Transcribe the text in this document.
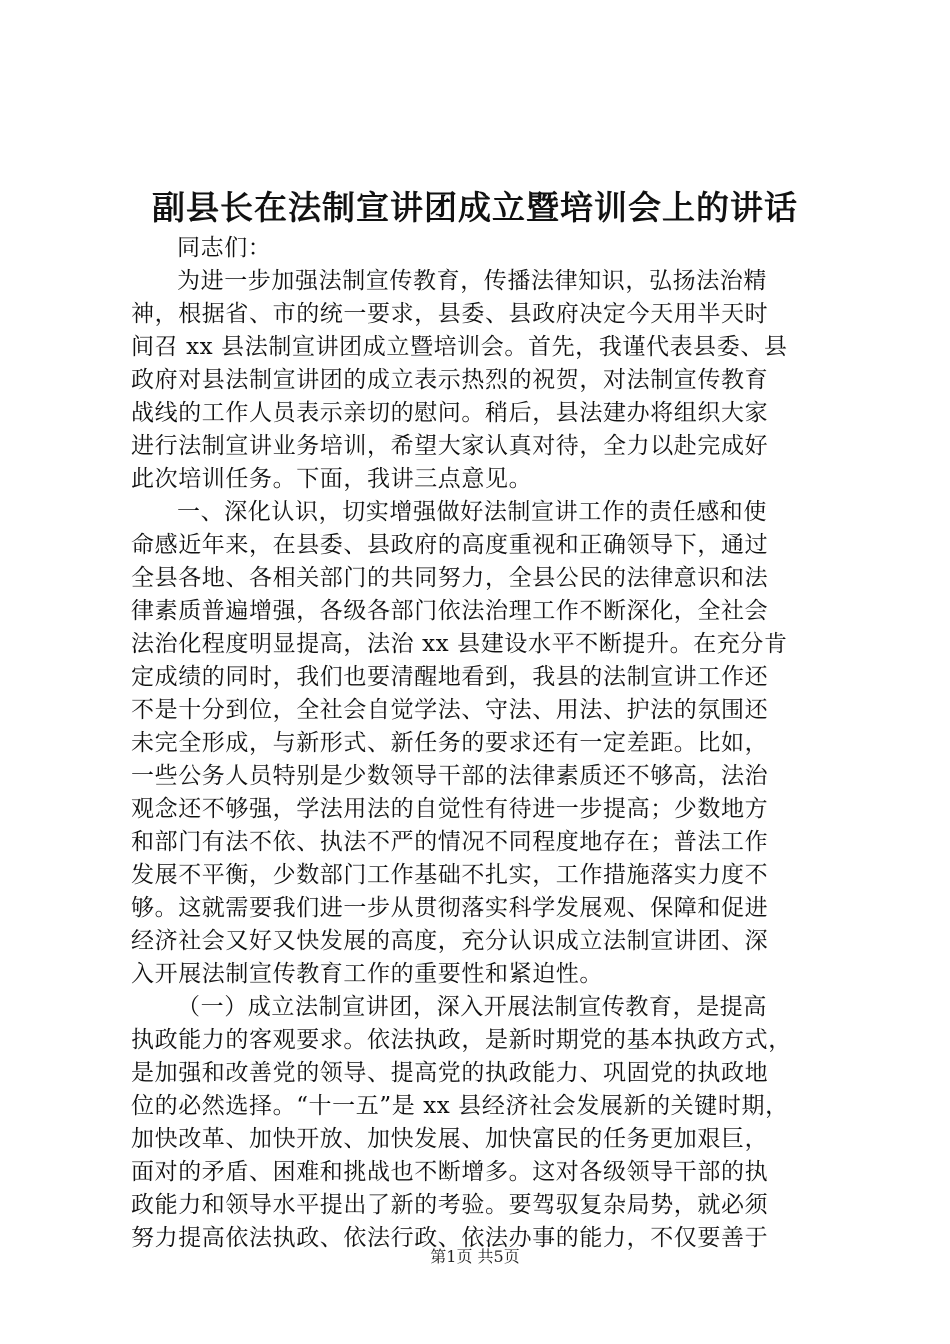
副县长在法制宣讲团成立暨培训会上的讲话
同志们：
为进一步加强法制宣传教育，传播法律知识，弘扬法治精
神，根据省、市的统一要求，县委、县政府决定今天用半天时
间召 xx 县法制宣讲团成立暨培训会。首先，我谨代表县委、县
政府对县法制宣讲团的成立表示热烈的祝贺，对法制宣传教育
战线的工作人员表示亲切的慰问。稍后，县法建办将组织大家
进行法制宣讲业务培训，希望大家认真对待，全力以赴完成好
此次培训任务。下面，我讲三点意见。
一、深化认识，切实增强做好法制宣讲工作的责任感和使
命感近年来，在县委、县政府的高度重视和正确领导下，通过
全县各地、各相关部门的共同努力，全县公民的法律意识和法
律素质普遍增强，各级各部门依法治理工作不断深化，全社会
法治化程度明显提高，法治 xx 县建设水平不断提升。在充分肯
定成绩的同时，我们也要清醒地看到，我县的法制宣讲工作还
不是十分到位，全社会自觉学法、守法、用法、护法的氛围还
未完全形成，与新形式、新任务的要求还有一定差距。比如，
一些公务人员特别是少数领导干部的法律素质还不够高，法治
观念还不够强，学法用法的自觉性有待进一步提高；少数地方
和部门有法不依、执法不严的情况不同程度地存在；普法工作
发展不平衡，少数部门工作基础不扎实，工作措施落实力度不
够。这就需要我们进一步从贯彻落实科学发展观、保障和促进
经济社会又好又快发展的高度，充分认识成立法制宣讲团、深
入开展法制宣传教育工作的重要性和紧迫性。
（一）成立法制宣讲团，深入开展法制宣传教育，是提高
执政能力的客观要求。依法执政，是新时期党的基本执政方式，
是加强和改善党的领导、提高党的执政能力、巩固党的执政地
位的必然选择。“十一五”是 xx 县经济社会发展新的关键时期，
加快改革、加快开放、加快发展、加快富民的任务更加艰巨，
面对的矛盾、困难和挑战也不断增多。这对各级领导干部的执
政能力和领导水平提出了新的考验。要驾驭复杂局势，就必须
努力提高依法执政、依法行政、依法办事的能力，不仅要善于
第1页 共5页
